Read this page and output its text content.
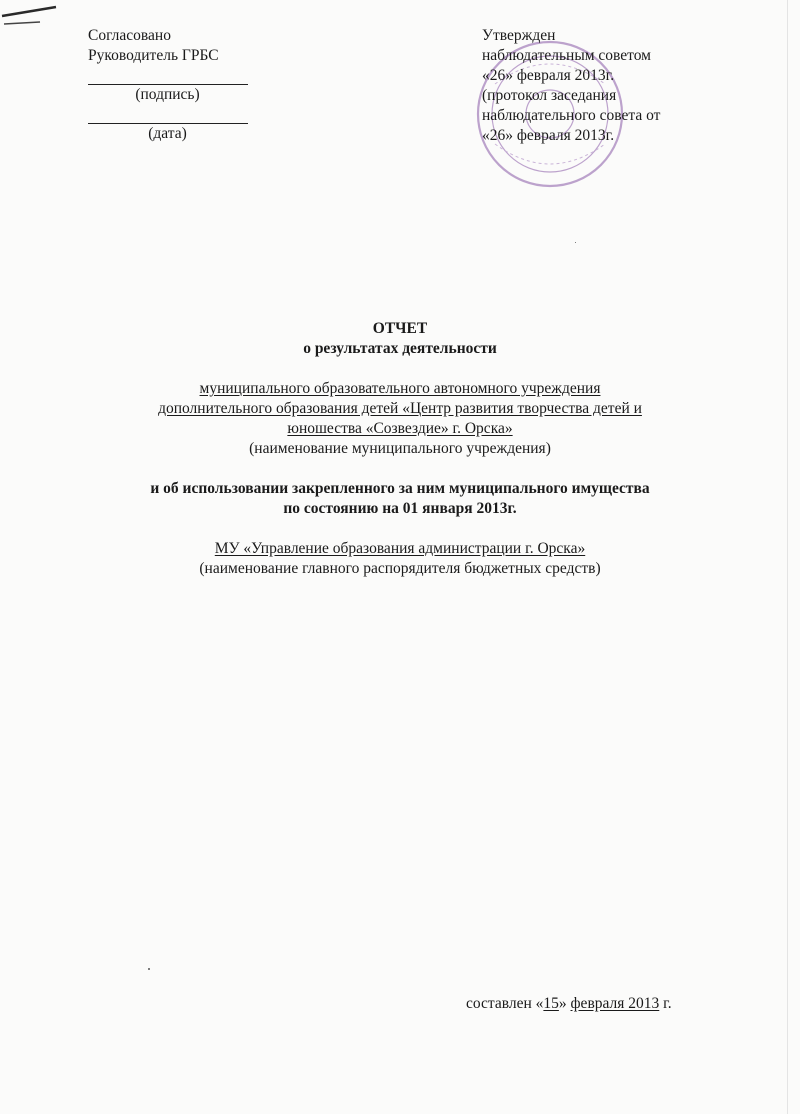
Согласовано
Руководитель ГРБС
(подпись)
(дата)
Утвержден
наблюдательным советом
«26» февраля 2013г.
(протокол заседания
наблюдательного совета от
«26» февраля 2013г.
ОТЧЕТ
о результатах деятельности
муниципального образовательного автономного учреждения
дополнительного образования детей «Центр развития творчества детей и
юношества «Созвездие» г. Орска»
(наименование муниципального учреждения)
и об использовании закрепленного за ним муниципального имущества
по состоянию на 01 января 2013г.
МУ «Управление образования администрации г. Орска»
(наименование главного распорядителя бюджетных средств)
составлен «15» февраля 2013 г.
